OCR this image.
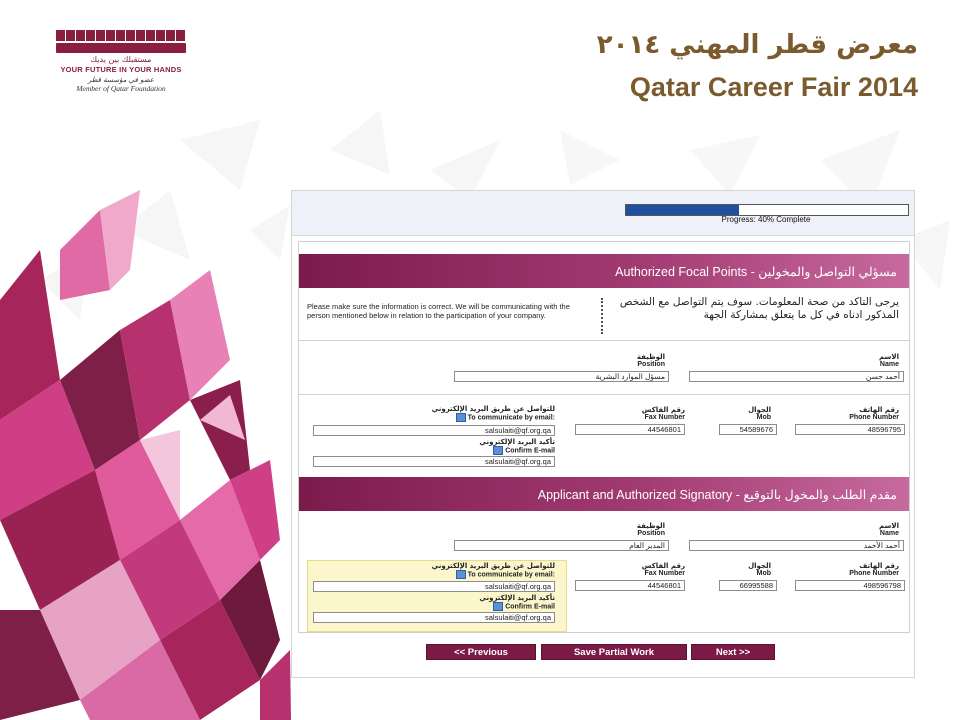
مستقبلك بين يديك
YOUR FUTURE IN YOUR HANDS
عضو في مؤسسة قطر
Member of Qatar Foundation
معرض قطر المهني ٢٠١٤
Qatar Career Fair 2014
Progress: 40% Complete
Authorized Focal Points - مسؤلي التواصل والمخولين
Please make sure the information is correct. We will be communicating with the person mentioned below in relation to the participation of your company.
يرجى التاكد من صحة المعلومات. سوف يتم التواصل مع الشخص المذكور ادناه في كل ما يتعلق بمشاركة الجهة
الاسم
Name
أحمد حسن
الوظيفة
Position
مسؤل الموارد البشرية
رقم الهاتف
Phone Number
48596795
الجوال
Mob
54589676
رقم الفاكس
Fax Number
44546801
للتواصل عن طريق البريد الإلكتروني
To communicate by email:
salsulaiti@qf.org.qa
تأكيد البريد الإلكتروني
Confirm E-mail
salsulaiti@qf.org.qa
Applicant and Authorized Signatory - مقدم الطلب والمخول بالتوقيع
الاسم
Name
أحمد الأحمد
الوظيفة
Position
المدير العام
رقم الهاتف
Phone Number
498596798
الجوال
Mob
66995588
رقم الفاكس
Fax Number
44546801
للتواصل عن طريق البريد الإلكتروني
To communicate by email:
salsulaiti@qf.org.qa
تأكيد البريد الإلكتروني
Confirm E-mail
salsulaiti@qf.org.qa
<< Previous	Save Partial Work	Next >>
